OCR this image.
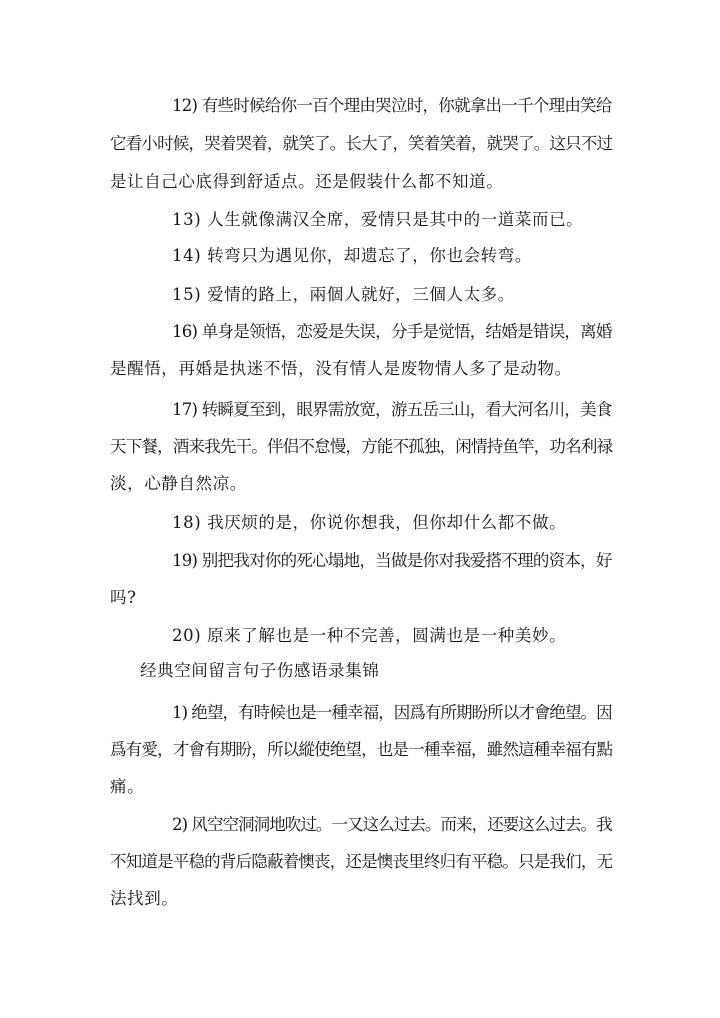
12) 有些时候给你一百个理由哭泣时，你就拿出一千个理由笑给
它看小时候，哭着哭着，就笑了。长大了，笑着笑着，就哭了。这只不过
是让自己心底得到舒适点。还是假装什么都不知道。
13) 人生就像满汉全席，爱情只是其中的一道菜而已。
14) 转弯只为遇见你，却遗忘了，你也会转弯。
15) 爱情的路上，兩個人就好，三個人太多。
16) 单身是领悟，恋爱是失误，分手是觉悟，结婚是错误，离婚
是醒悟，再婚是执迷不悟，没有情人是废物情人多了是动物。
17) 转瞬夏至到，眼界需放宽，游五岳三山，看大河名川，美食
天下餐，酒来我先干。伴侣不怠慢，方能不孤独，闲情持鱼竿，功名利禄
淡，心静自然凉。
18) 我厌烦的是，你说你想我，但你却什么都不做。
19) 别把我对你的死心塌地，当做是你对我爱搭不理的资本，好
吗?
20) 原来了解也是一种不完善，圆满也是一种美妙。
经典空间留言句子伤感语录集锦
1) 绝望，有時候也是一種幸福，因爲有所期盼所以才會绝望。因
爲有愛，才會有期盼，所以縱使绝望，也是一種幸福，雖然這種幸福有點
痛。
2) 风空空洞洞地吹过。一又这么过去。而来，还要这么过去。我
不知道是平稳的背后隐蔽着懊丧，还是懊丧里终归有平稳。只是我们，无
法找到。
